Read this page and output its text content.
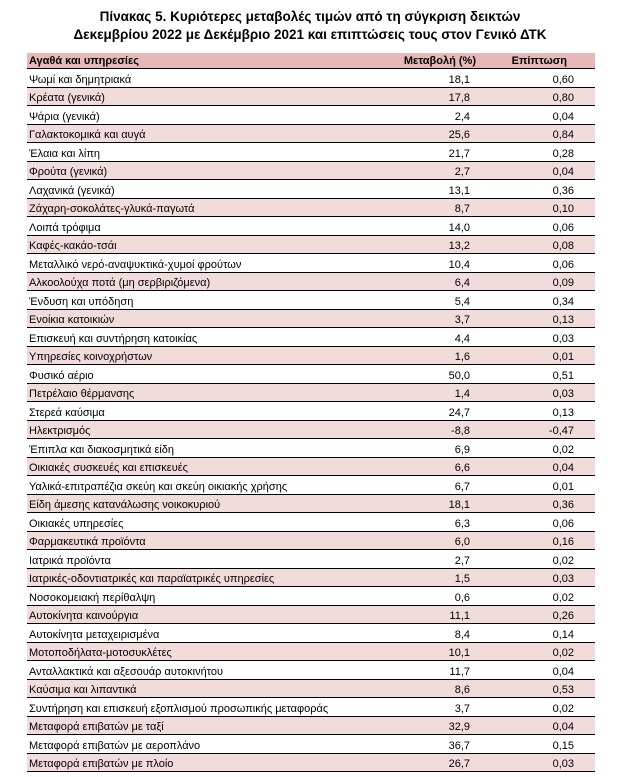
Πίνακας 5. Κυριότερες μεταβολές τιμών από τη σύγκριση δεικτών
Δεκεμβρίου 2022 με Δεκέμβριο 2021 και επιπτώσεις τους στον Γενικό ΔΤΚ
Αγαθά και υπηρεσίες	Μεταβολή (%)	Επίπτωση
Ψωμί και δημητριακά	18,1	0,60
Κρέατα (γενικά)	17,8	0,80
Ψάρια (γενικά)	2,4	0,04
Γαλακτοκομικά και αυγά	25,6	0,84
Έλαια και λίπη	21,7	0,28
Φρούτα (γενικά)	2,7	0,04
Λαχανικά (γενικά)	13,1	0,36
Ζάχαρη-σοκολάτες-γλυκά-παγωτά	8,7	0,10
Λοιπά τρόφιμα	14,0	0,06
Καφές-κακάο-τσάι	13,2	0,08
Μεταλλικό νερό-αναψυκτικά-χυμοί φρούτων	10,4	0,06
Αλκοολούχα ποτά (μη σερβιριζόμενα)	6,4	0,09
Ένδυση και υπόδηση	5,4	0,34
Ενοίκια κατοικιών	3,7	0,13
Επισκευή και συντήρηση κατοικίας	4,4	0,03
Υπηρεσίες κοινοχρήστων	1,6	0,01
Φυσικό αέριο	50,0	0,51
Πετρέλαιο θέρμανσης	1,4	0,03
Στερεά καύσιμα	24,7	0,13
Ηλεκτρισμός	-8,8	-0,47
Έπιπλα και διακοσμητικά είδη	6,9	0,02
Οικιακές συσκευές και επισκευές	6,6	0,04
Υαλικά-επιτραπέζια σκεύη και σκεύη οικιακής χρήσης	6,7	0,01
Είδη άμεσης κατανάλωσης νοικοκυριού	18,1	0,36
Οικιακές υπηρεσίες	6,3	0,06
Φαρμακευτικά προϊόντα	6,0	0,16
Ιατρικά προϊόντα	2,7	0,02
Ιατρικές-οδοντιατρικές και παραϊατρικές υπηρεσίες	1,5	0,03
Νοσοκομειακή περίθαλψη	0,6	0,02
Αυτοκίνητα καινούργια	11,1	0,26
Αυτοκίνητα μεταχειρισμένα	8,4	0,14
Μοτοποδήλατα-μοτοσυκλέτες	10,1	0,02
Ανταλλακτικά και αξεσουάρ αυτοκινήτου	11,7	0,04
Καύσιμα και λιπαντικά	8,6	0,53
Συντήρηση και επισκευή εξοπλισμού προσωπικής μεταφοράς	3,7	0,02
Μεταφορά επιβατών με ταξί	32,9	0,04
Μεταφορά επιβατών με αεροπλάνο	36,7	0,15
Μεταφορά επιβατών με πλοίο	26,7	0,03
